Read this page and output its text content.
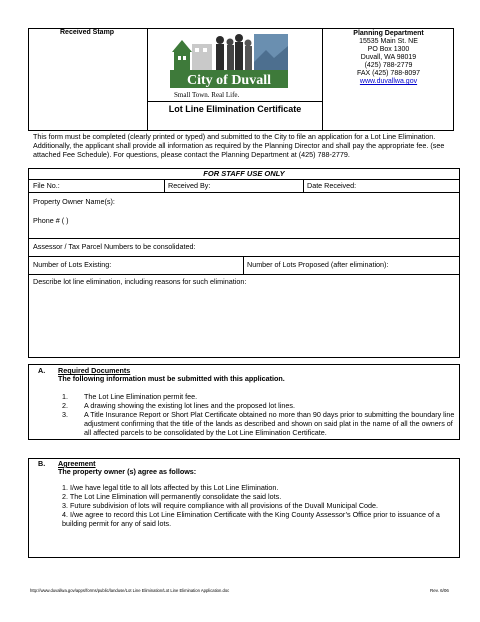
Received Stamp
City of Duvall
Small Town. Real Life.
Lot Line Elimination Certificate
Planning Department
15535 Main St. NE
PO Box 1300
Duvall, WA 98019
(425) 788-2779
FAX (425) 788-8097
www.duvallwa.gov
This form must be completed (clearly printed or typed) and submitted to the City to file an application for a Lot Line Elimination. Additionally, the applicant shall provide all information as required by the Planning Director and shall pay the appropriate fee. (see attached Fee Schedule). For questions, please contact the Planning Department at (425) 788-2779.
FOR STAFF USE ONLY
File No.:	Received By:	Date Received:
Property Owner Name(s):
Phone # ( )
Assessor / Tax Parcel Numbers to be consolidated:
Number of Lots Existing:	Number of Lots Proposed (after elimination):
Describe lot line elimination, including reasons for such elimination:
A. Required Documents
The following information must be submitted with this application.
1. The Lot Line Elimination permit fee.
2. A drawing showing the existing lot lines and the proposed lot lines.
3. A Title Insurance Report or Short Plat Certificate obtained no more than 90 days prior to submitting the boundary line adjustment confirming that the title of the lands as described and shown on said plat in the name of all the owners of all affected parcels to be consolidated by the Lot Line Elimination Certificate.
B. Agreement
The property owner (s) agree as follows:
1. I/we have legal title to all lots affected by this Lot Line Elimination.
2. The Lot Line Elimination will permanently consolidate the said lots.
3. Future subdivision of lots will require compliance with all provisions of the Duvall Municipal Code.
4. I/we agree to record this Lot Line Elimination Certificate with the King County Assessor’s Office prior to issuance of a building permit for any of said lots.
http://www.duvallwa.gov/apps/forms/public/landuse/Lot Line Elimination/Lot Line Elimination Application.doc	Rev. 6/06
